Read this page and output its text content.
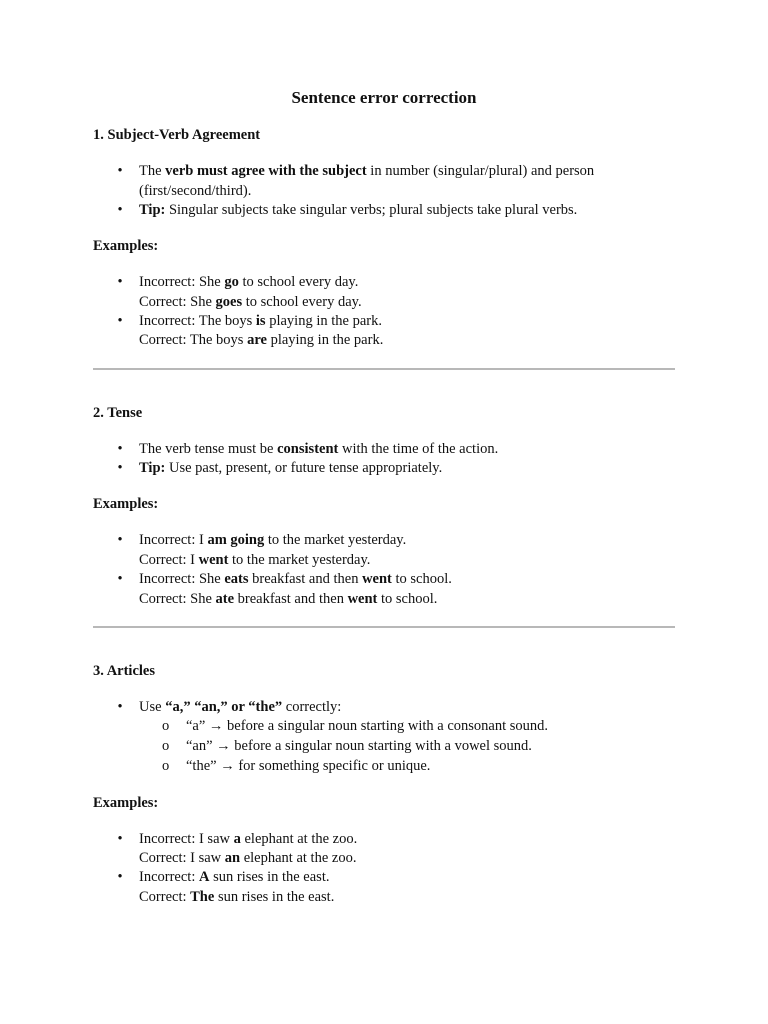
Sentence error correction
1. Subject-Verb Agreement
• The verb must agree with the subject in number (singular/plural) and person
(first/second/third).
• Tip: Singular subjects take singular verbs; plural subjects take plural verbs.
Examples:
• Incorrect: She go to school every day.
Correct: She goes to school every day.
• Incorrect: The boys is playing in the park.
Correct: The boys are playing in the park.
2. Tense
• The verb tense must be consistent with the time of the action.
• Tip: Use past, present, or future tense appropriately.
Examples:
• Incorrect: I am going to the market yesterday.
Correct: I went to the market yesterday.
• Incorrect: She eats breakfast and then went to school.
Correct: She ate breakfast and then went to school.
3. Articles
• Use “a,” “an,” or “the” correctly:
o “a” → before a singular noun starting with a consonant sound.
o “an” → before a singular noun starting with a vowel sound.
o “the” → for something specific or unique.
Examples:
• Incorrect: I saw a elephant at the zoo.
Correct: I saw an elephant at the zoo.
• Incorrect: A sun rises in the east.
Correct: The sun rises in the east.
